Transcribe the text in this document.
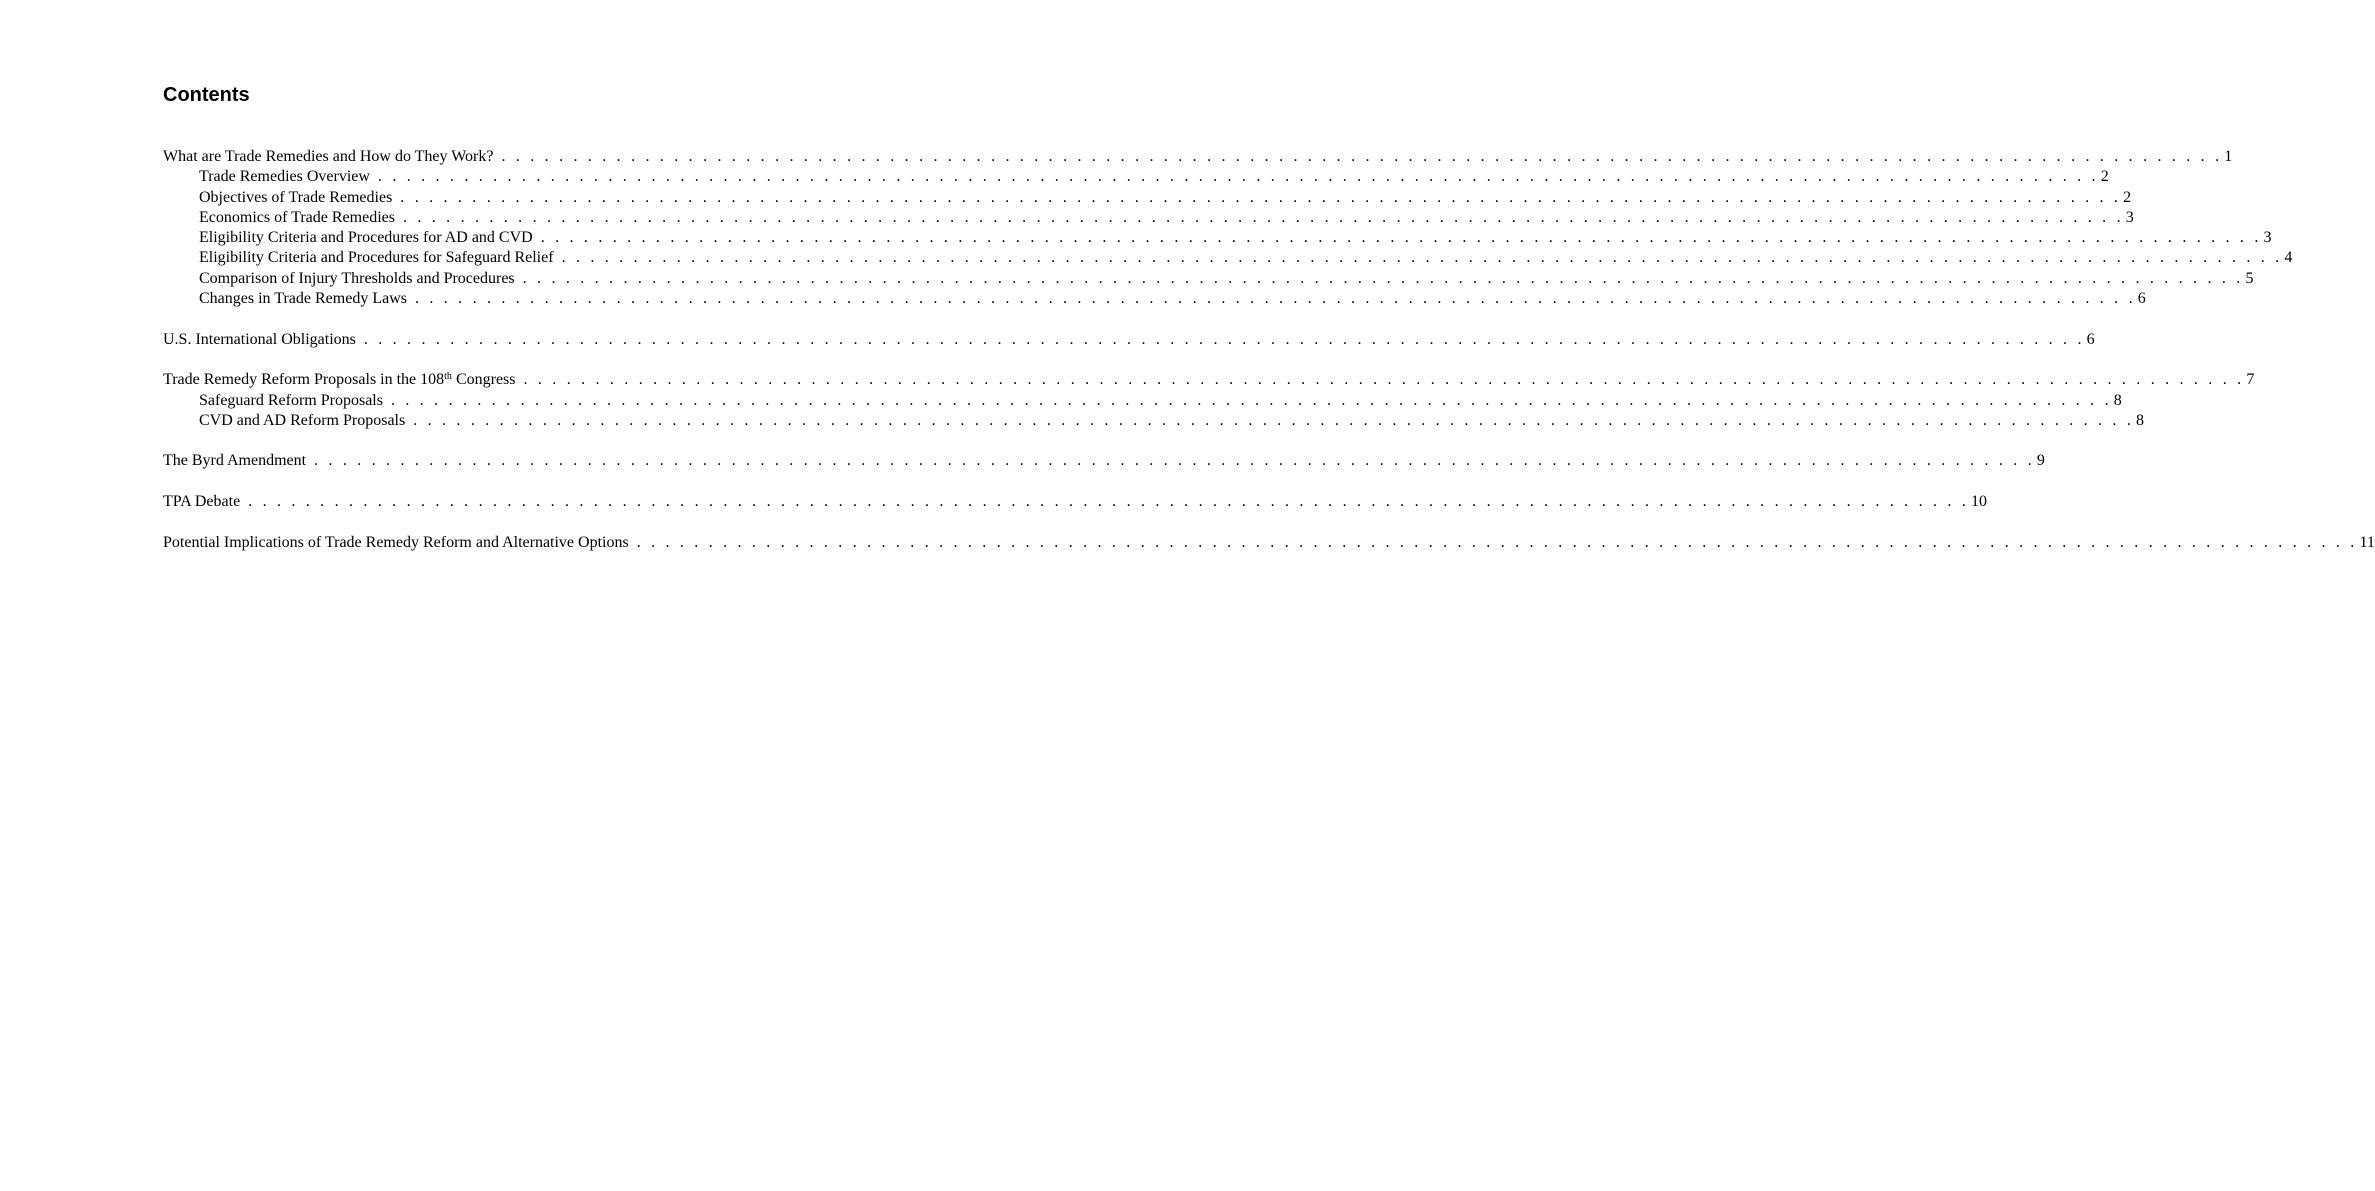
Contents
What are Trade Remedies and How do They Work? . . . . . . . . . . . . . . . . . . . . . . . . . . . . . . . . . . . . . . . . . . . . . . . . . . . . . . . . . . . . . . . . . . . . . . . . . . . . . . . . . . . . . . . . . . . . . . . . . . . . . . . . . . . . . . . . . . . . . . . . 1
Trade Remedies Overview . . . . . . . . . . . . . . . . . . . . . . . . . . . . . . . . . . . . . . . . . . . . . . . . . . . . . . . . . . . . . . . . . . . . . . . . . . . . . . . . . . . . . . . . . . . . . . . . . . . . . . . . . . . . . . . . . . . . . . . . 2
Objectives of Trade Remedies . . . . . . . . . . . . . . . . . . . . . . . . . . . . . . . . . . . . . . . . . . . . . . . . . . . . . . . . . . . . . . . . . . . . . . . . . . . . . . . . . . . . . . . . . . . . . . . . . . . . . . . . . . . . . . . . . . . . . . . . 2
Economics of Trade Remedies . . . . . . . . . . . . . . . . . . . . . . . . . . . . . . . . . . . . . . . . . . . . . . . . . . . . . . . . . . . . . . . . . . . . . . . . . . . . . . . . . . . . . . . . . . . . . . . . . . . . . . . . . . . . . . . . . . . . . . . . 3
Eligibility Criteria and Procedures for AD and CVD . . . . . . . . . . . . . . . . . . . . . . . . . . . . . . . . . . . . . . . . . . . . . . . . . . . . . . . . . . . . . . . . . . . . . . . . . . . . . . . . . . . . . . . . . . . . . . . . . . . . . . . . . . . . . . . . . . . . . . . . 3
Eligibility Criteria and Procedures for Safeguard Relief . . . . . . . . . . . . . . . . . . . . . . . . . . . . . . . . . . . . . . . . . . . . . . . . . . . . . . . . . . . . . . . . . . . . . . . . . . . . . . . . . . . . . . . . . . . . . . . . . . . . . . . . . . . . . . . . . . . . . . . . 4
Comparison of Injury Thresholds and Procedures . . . . . . . . . . . . . . . . . . . . . . . . . . . . . . . . . . . . . . . . . . . . . . . . . . . . . . . . . . . . . . . . . . . . . . . . . . . . . . . . . . . . . . . . . . . . . . . . . . . . . . . . . . . . . . . . . . . . . . . . 5
Changes in Trade Remedy Laws . . . . . . . . . . . . . . . . . . . . . . . . . . . . . . . . . . . . . . . . . . . . . . . . . . . . . . . . . . . . . . . . . . . . . . . . . . . . . . . . . . . . . . . . . . . . . . . . . . . . . . . . . . . . . . . . . . . . . . . . 6
U.S. International Obligations . . . . . . . . . . . . . . . . . . . . . . . . . . . . . . . . . . . . . . . . . . . . . . . . . . . . . . . . . . . . . . . . . . . . . . . . . . . . . . . . . . . . . . . . . . . . . . . . . . . . . . . . . . . . . . . . . . . . . . . . 6
Trade Remedy Reform Proposals in the 108th Congress . . . . . . . . . . . . . . . . . . . . . . . . . . . . . . . . . . . . . . . . . . . . . . . . . . . . . . . . . . . . . . . . . . . . . . . . . . . . . . . . . . . . . . . . . . . . . . . . . . . . . . . . . . . . . . . . . . . . . . . . 7
Safeguard Reform Proposals . . . . . . . . . . . . . . . . . . . . . . . . . . . . . . . . . . . . . . . . . . . . . . . . . . . . . . . . . . . . . . . . . . . . . . . . . . . . . . . . . . . . . . . . . . . . . . . . . . . . . . . . . . . . . . . . . . . . . . . . 8
CVD and AD Reform Proposals . . . . . . . . . . . . . . . . . . . . . . . . . . . . . . . . . . . . . . . . . . . . . . . . . . . . . . . . . . . . . . . . . . . . . . . . . . . . . . . . . . . . . . . . . . . . . . . . . . . . . . . . . . . . . . . . . . . . . . . . 8
The Byrd Amendment . . . . . . . . . . . . . . . . . . . . . . . . . . . . . . . . . . . . . . . . . . . . . . . . . . . . . . . . . . . . . . . . . . . . . . . . . . . . . . . . . . . . . . . . . . . . . . . . . . . . . . . . . . . . . . . . . . . . . . . . 9
TPA Debate . . . . . . . . . . . . . . . . . . . . . . . . . . . . . . . . . . . . . . . . . . . . . . . . . . . . . . . . . . . . . . . . . . . . . . . . . . . . . . . . . . . . . . . . . . . . . . . . . . . . . . . . . . . . . . . . . . . . . . . . 10
Potential Implications of Trade Remedy Reform and Alternative Options . . . . . . . . . . . . . . . . . . . . . . . . . . . . . . . . . . . . . . . . . . . . . . . . . . . . . . . . . . . . . . . . . . . . . . . . . . . . . . . . . . . . . . . . . . . . . . . . . . . . . . . . . . . . . . . . . . . . . . . . 11
